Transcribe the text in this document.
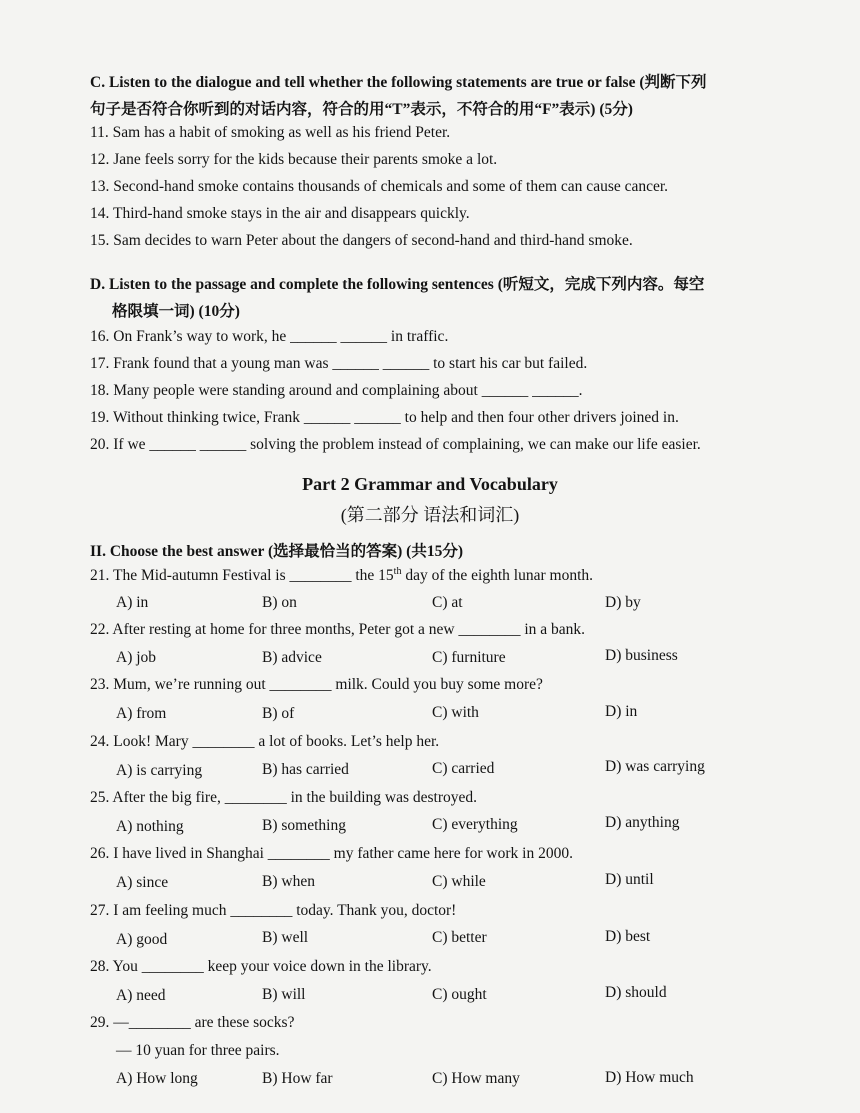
C. Listen to the dialogue and tell whether the following statements are true or false (判断下列
句子是否符合你听到的对话内容，符合的用“T”表示，不符合的用“F”表示) (5分)
11. Sam has a habit of smoking as well as his friend Peter.
12. Jane feels sorry for the kids because their parents smoke a lot.
13. Second-hand smoke contains thousands of chemicals and some of them can cause cancer.
14. Third-hand smoke stays in the air and disappears quickly.
15. Sam decides to warn Peter about the dangers of second-hand and third-hand smoke.
D. Listen to the passage and complete the following sentences (听短文，完成下列内容。每空
格限填一词) (10分)
16. On Frank’s way to work, he ______ ______ in traffic.
17. Frank found that a young man was ______ ______ to start his car but failed.
18. Many people were standing around and complaining about ______ ______.
19. Without thinking twice, Frank ______ ______ to help and then four other drivers joined in.
20. If we ______ ______ solving the problem instead of complaining, we can make our life easier.
Part 2 Grammar and Vocabulary
(第二部分 语法和词汇)
II. Choose the best answer (选择最恰当的答案) (共15分)
21. The Mid-autumn Festival is ________ the 15th day of the eighth lunar month.
A) in	B) on	C) at	D) by
22. After resting at home for three months, Peter got a new ________ in a bank.
A) job	B) advice	C) furniture	D) business
23. Mum, we’re running out ________ milk. Could you buy some more?
A) from	B) of	C) with	D) in
24. Look! Mary ________ a lot of books. Let’s help her.
A) is carrying	B) has carried	C) carried	D) was carrying
25. After the big fire, ________ in the building was destroyed.
A) nothing	B) something	C) everything	D) anything
26. I have lived in Shanghai ________ my father came here for work in 2000.
A) since	B) when	C) while	D) until
27. I am feeling much ________ today. Thank you, doctor!
A) good	B) well	C) better	D) best
28. You ________ keep your voice down in the library.
A) need	B) will	C) ought	D) should
29. —________ are these socks?
— 10 yuan for three pairs.
A) How long	B) How far	C) How many	D) How much
